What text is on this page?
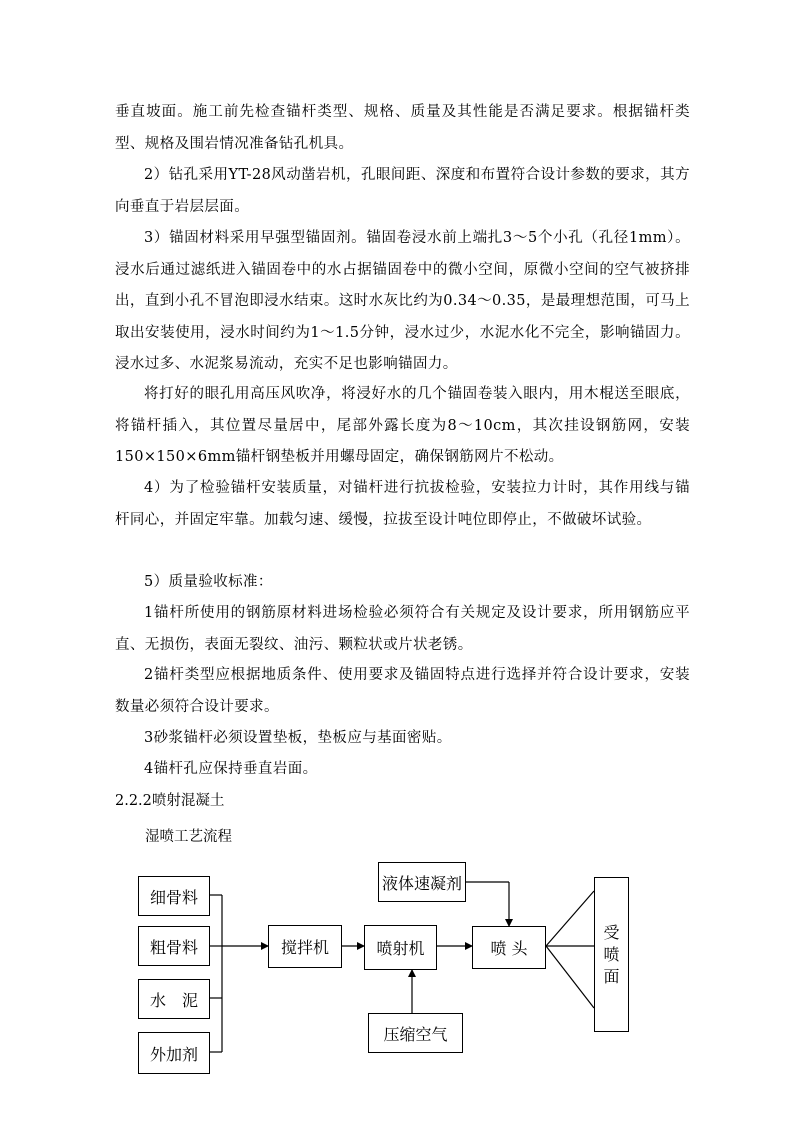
垂直坡面。施工前先检查锚杆类型、规格、质量及其性能是否满足要求。根据锚杆类型、规格及围岩情况准备钻孔机具。

2）钻孔采用YT-28风动凿岩机，孔眼间距、深度和布置符合设计参数的要求，其方向垂直于岩层层面。

3）锚固材料采用早强型锚固剂。锚固卷浸水前上端扎3～5个小孔（孔径1mm）。浸水后通过滤纸进入锚固卷中的水占据锚固卷中的微小空间，原微小空间的空气被挤排出，直到小孔不冒泡即浸水结束。这时水灰比约为0.34～0.35，是最理想范围，可马上取出安装使用，浸水时间约为1～1.5分钟，浸水过少，水泥水化不完全，影响锚固力。浸水过多、水泥浆易流动，充实不足也影响锚固力。

将打好的眼孔用高压风吹净，将浸好水的几个锚固卷装入眼内，用木棍送至眼底，将锚杆插入，其位置尽量居中，尾部外露长度为8～10cm，其次挂设钢筋网，安装150×150×6mm锚杆钢垫板并用螺母固定，确保钢筋网片不松动。

4）为了检验锚杆安装质量，对锚杆进行抗拔检验，安装拉力计时，其作用线与锚杆同心，并固定牢靠。加载匀速、缓慢，拉拔至设计吨位即停止，不做破坏试验。

5）质量验收标准：

1锚杆所使用的钢筋原材料进场检验必须符合有关规定及设计要求，所用钢筋应平直、无损伤，表面无裂纹、油污、颗粒状或片状老锈。

2锚杆类型应根据地质条件、使用要求及锚固特点进行选择并符合设计要求，安装数量必须符合设计要求。

3砂浆锚杆必须设置垫板，垫板应与基面密贴。

4锚杆孔应保持垂直岩面。

2.2.2喷射混凝土

湿喷工艺流程

细骨料
粗骨料
水　泥
外加剂
搅拌机	喷射机	喷 头
液体速凝剂
压缩空气
受
喷
面
